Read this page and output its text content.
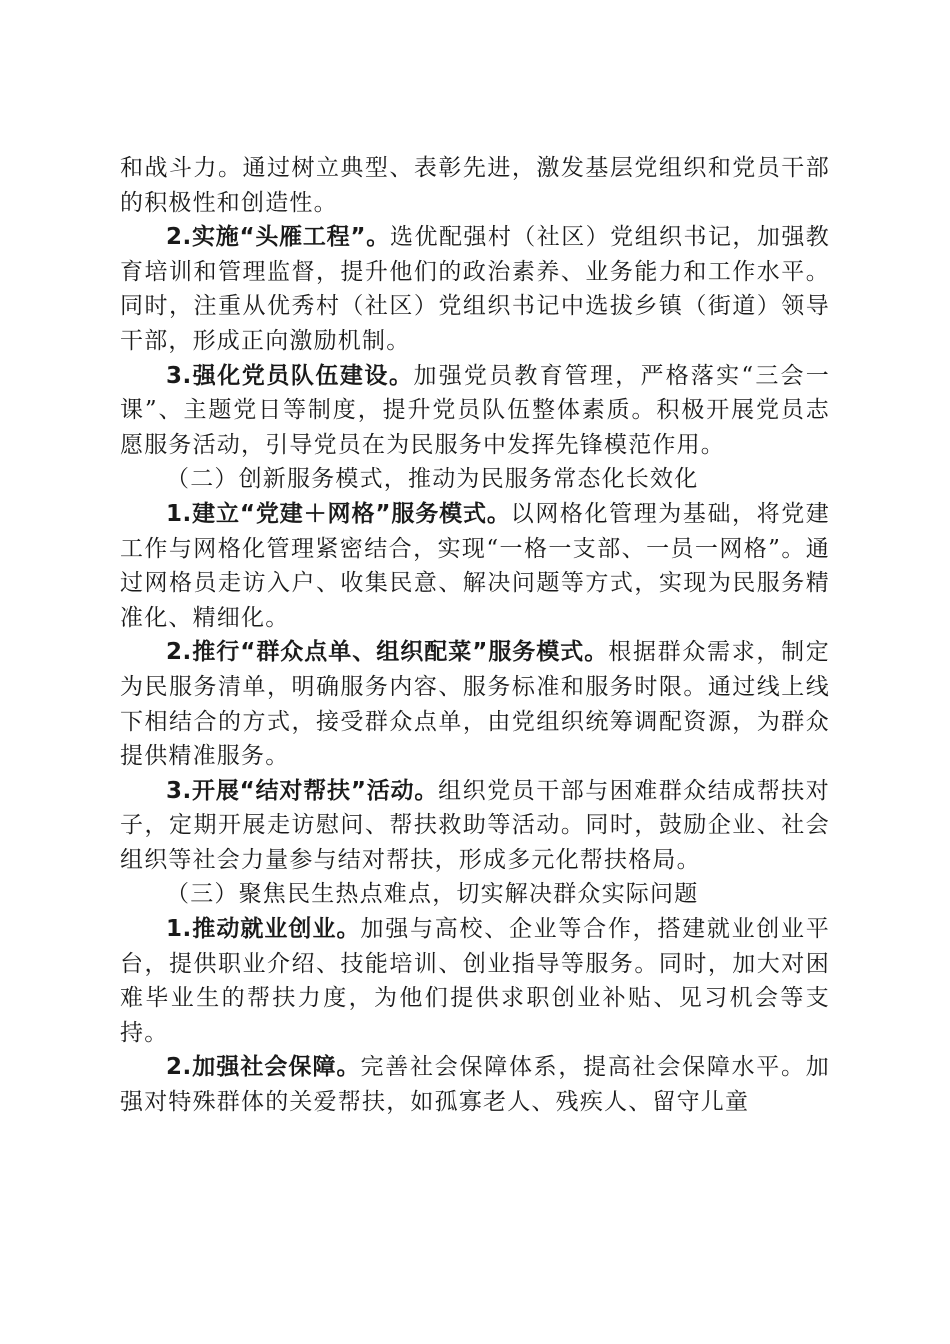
和战斗力。通过树立典型、表彰先进，激发基层党组织和党员干部的积极性和创造性。

2.实施“头雁工程”。选优配强村（社区）党组织书记，加强教育培训和管理监督，提升他们的政治素养、业务能力和工作水平。同时，注重从优秀村（社区）党组织书记中选拔乡镇（街道）领导干部，形成正向激励机制。

3.强化党员队伍建设。加强党员教育管理，严格落实“三会一课”、主题党日等制度，提升党员队伍整体素质。积极开展党员志愿服务活动，引导党员在为民服务中发挥先锋模范作用。

（二）创新服务模式，推动为民服务常态化长效化

1.建立“党建＋网格”服务模式。以网格化管理为基础，将党建工作与网格化管理紧密结合，实现“一格一支部、一员一网格”。通过网格员走访入户、收集民意、解决问题等方式，实现为民服务精准化、精细化。

2.推行“群众点单、组织配菜”服务模式。根据群众需求，制定为民服务清单，明确服务内容、服务标准和服务时限。通过线上线下相结合的方式，接受群众点单，由党组织统筹调配资源，为群众提供精准服务。

3.开展“结对帮扶”活动。组织党员干部与困难群众结成帮扶对子，定期开展走访慰问、帮扶救助等活动。同时，鼓励企业、社会组织等社会力量参与结对帮扶，形成多元化帮扶格局。

（三）聚焦民生热点难点，切实解决群众实际问题

1.推动就业创业。加强与高校、企业等合作，搭建就业创业平台，提供职业介绍、技能培训、创业指导等服务。同时，加大对困难毕业生的帮扶力度，为他们提供求职创业补贴、见习机会等支持。

2.加强社会保障。完善社会保障体系，提高社会保障水平。加强对特殊群体的关爱帮扶，如孤寡老人、残疾人、留守儿童
